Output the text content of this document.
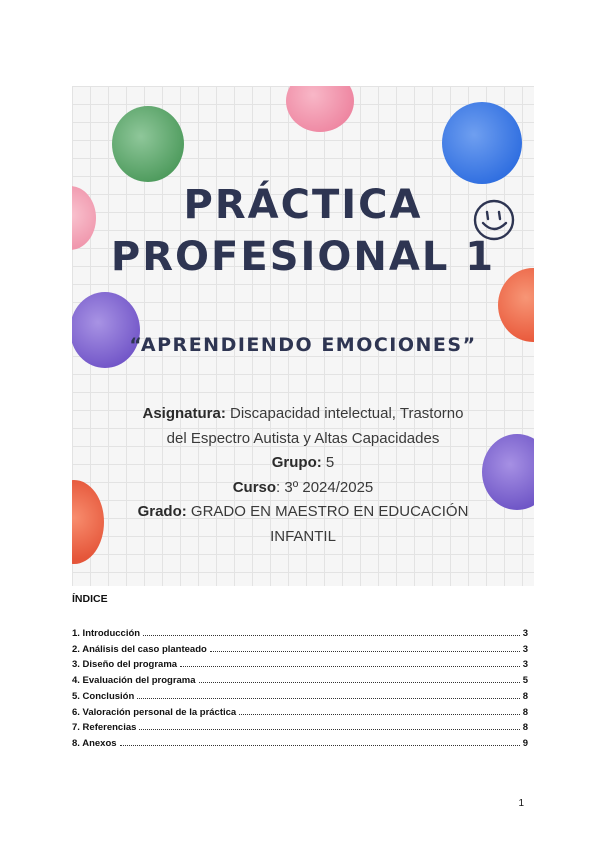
PRÁCTICA
PROFESIONAL 1
“APRENDIENDO EMOCIONES”
Asignatura: Discapacidad intelectual, Trastorno del Espectro Autista y Altas Capacidades
Grupo: 5
Curso: 3º 2024/2025
Grado: GRADO EN MAESTRO EN EDUCACIÓN INFANTIL
ÍNDICE
1. Introducción	3
2. Análisis del caso planteado	3
3. Diseño del programa	3
4. Evaluación del programa	5
5. Conclusión	8
6. Valoración personal de la práctica	8
7. Referencias	8
8. Anexos	9
1
